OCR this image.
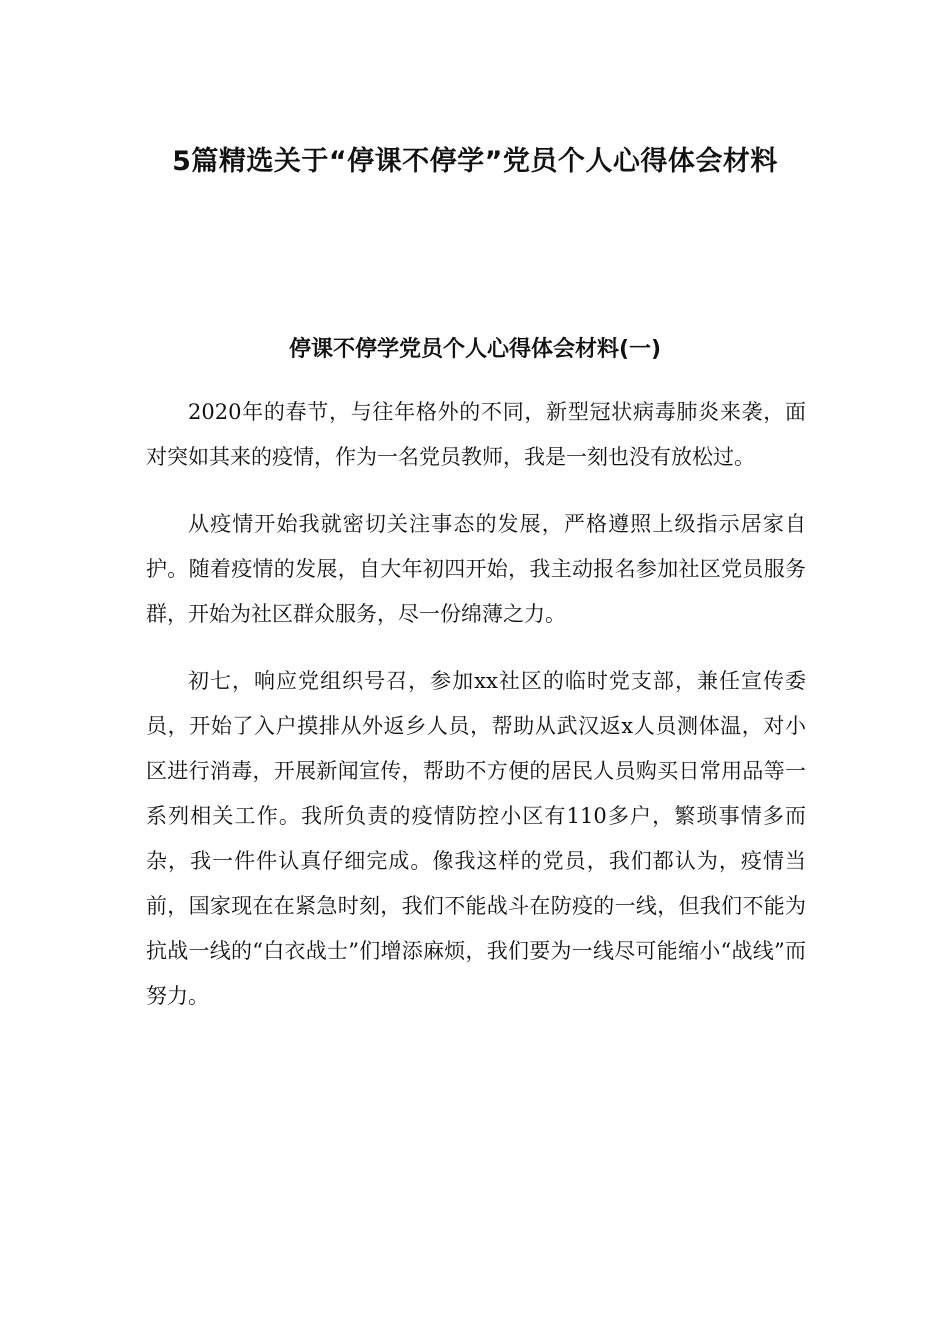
5篇精选关于“停课不停学”党员个人心得体会材料
停课不停学党员个人心得体会材料(一)

2020年的春节，与往年格外的不同，新型冠状病毒肺炎来袭，面对突如其来的疫情，作为一名党员教师，我是一刻也没有放松过。

从疫情开始我就密切关注事态的发展，严格遵照上级指示居家自护。随着疫情的发展，自大年初四开始，我主动报名参加社区党员服务群，开始为社区群众服务，尽一份绵薄之力。

初七，响应党组织号召，参加xx社区的临时党支部，兼任宣传委员，开始了入户摸排从外返乡人员，帮助从武汉返x人员测体温，对小区进行消毒，开展新闻宣传，帮助不方便的居民人员购买日常用品等一系列相关工作。我所负责的疫情防控小区有110多户，繁琐事情多而杂，我一件件认真仔细完成。像我这样的党员，我们都认为，疫情当前，国家现在在紧急时刻，我们不能战斗在防疫的一线，但我们不能为抗战一线的“白衣战士”们增添麻烦，我们要为一线尽可能缩小“战线”而努力。
